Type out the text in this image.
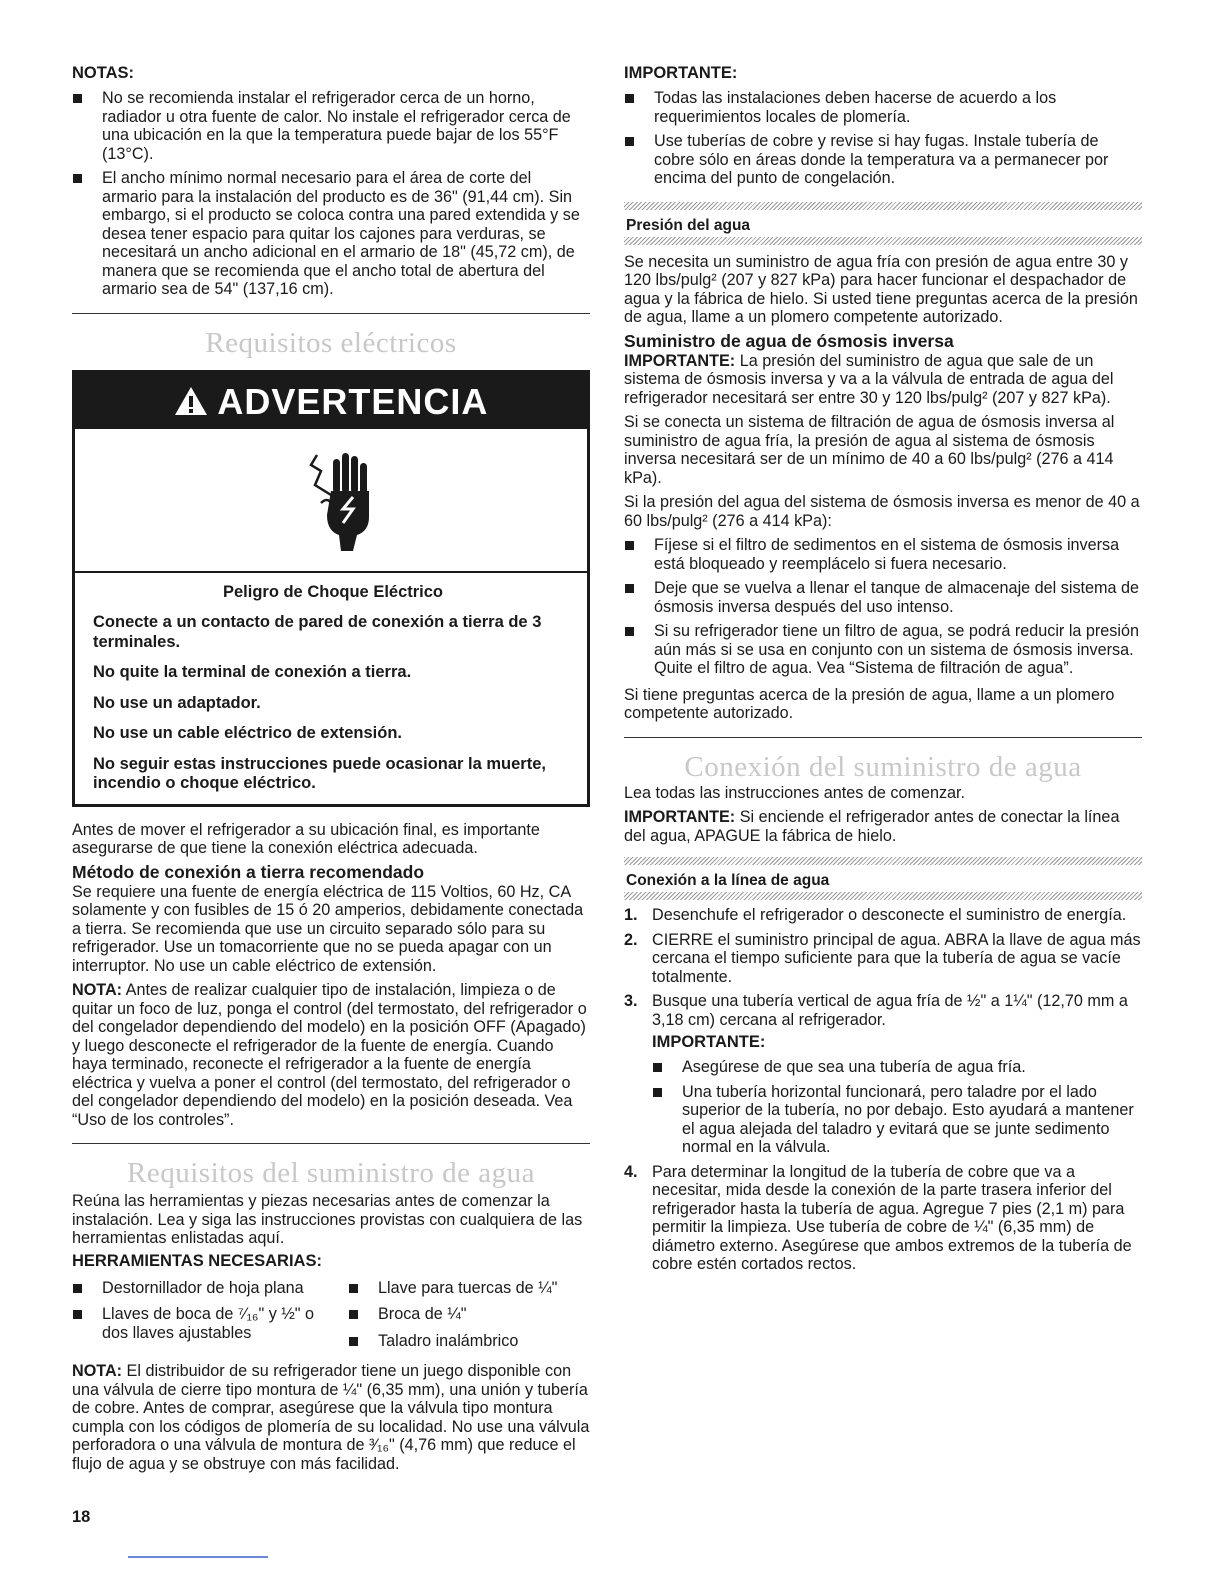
NOTAS:

No se recomienda instalar el refrigerador cerca de un horno, radiador u otra fuente de calor. No instale el refrigerador cerca de una ubicación en la que la temperatura puede bajar de los 55°F (13°C).
El ancho mínimo normal necesario para el área de corte del armario para la instalación del producto es de 36" (91,44 cm). Sin embargo, si el producto se coloca contra una pared extendida y se desea tener espacio para quitar los cajones para verduras, se necesitará un ancho adicional en el armario de 18" (45,72 cm), de manera que se recomienda que el ancho total de abertura del armario sea de 54" (137,16 cm).

Requisitos eléctricos

ADVERTENCIA

Peligro de Choque Eléctrico

Conecte a un contacto de pared de conexión a tierra de 3 terminales.

No quite la terminal de conexión a tierra.

No use un adaptador.

No use un cable eléctrico de extensión.

No seguir estas instrucciones puede ocasionar la muerte, incendio o choque eléctrico.

Antes de mover el refrigerador a su ubicación final, es importante asegurarse de que tiene la conexión eléctrica adecuada.

Método de conexión a tierra recomendado

Se requiere una fuente de energía eléctrica de 115 Voltios, 60 Hz, CA solamente y con fusibles de 15 ó 20 amperios, debidamente conectada a tierra. Se recomienda que use un circuito separado sólo para su refrigerador. Use un tomacorriente que no se pueda apagar con un interruptor. No use un cable eléctrico de extensión.

NOTA: Antes de realizar cualquier tipo de instalación, limpieza o de quitar un foco de luz, ponga el control (del termostato, del refrigerador o del congelador dependiendo del modelo) en la posición OFF (Apagado) y luego desconecte el refrigerador de la fuente de energía. Cuando haya terminado, reconecte el refrigerador a la fuente de energía eléctrica y vuelva a poner el control (del termostato, del refrigerador o del congelador dependiendo del modelo) en la posición deseada. Vea “Uso de los controles”.

Requisitos del suministro de agua

Reúna las herramientas y piezas necesarias antes de comenzar la instalación. Lea y siga las instrucciones provistas con cualquiera de las herramientas enlistadas aquí.

HERRAMIENTAS NECESARIAS:

Destornillador de hoja plana
Llaves de boca de ⁷⁄₁₆" y ½" o dos llaves ajustables
Llave para tuercas de ¼"
Broca de ¼"
Taladro inalámbrico

NOTA: El distribuidor de su refrigerador tiene un juego disponible con una válvula de cierre tipo montura de ¼" (6,35 mm), una unión y tubería de cobre. Antes de comprar, asegúrese que la válvula tipo montura cumpla con los códigos de plomería de su localidad. No use una válvula perforadora o una válvula de montura de ³⁄₁₆" (4,76 mm) que reduce el flujo de agua y se obstruye con más facilidad.

IMPORTANTE:

Todas las instalaciones deben hacerse de acuerdo a los requerimientos locales de plomería.
Use tuberías de cobre y revise si hay fugas. Instale tubería de cobre sólo en áreas donde la temperatura va a permanecer por encima del punto de congelación.

Presión del agua

Se necesita un suministro de agua fría con presión de agua entre 30 y 120 lbs/pulg² (207 y 827 kPa) para hacer funcionar el despachador de agua y la fábrica de hielo. Si usted tiene preguntas acerca de la presión de agua, llame a un plomero competente autorizado.

Suministro de agua de ósmosis inversa

IMPORTANTE: La presión del suministro de agua que sale de un sistema de ósmosis inversa y va a la válvula de entrada de agua del refrigerador necesitará ser entre 30 y 120 lbs/pulg² (207 y 827 kPa).

Si se conecta un sistema de filtración de agua de ósmosis inversa al suministro de agua fría, la presión de agua al sistema de ósmosis inversa necesitará ser de un mínimo de 40 a 60 lbs/pulg² (276 a 414 kPa).

Si la presión del agua del sistema de ósmosis inversa es menor de 40 a 60 lbs/pulg² (276 a 414 kPa):

Fíjese si el filtro de sedimentos en el sistema de ósmosis inversa está bloqueado y reemplácelo si fuera necesario.
Deje que se vuelva a llenar el tanque de almacenaje del sistema de ósmosis inversa después del uso intenso.
Si su refrigerador tiene un filtro de agua, se podrá reducir la presión aún más si se usa en conjunto con un sistema de ósmosis inversa. Quite el filtro de agua. Vea “Sistema de filtración de agua”.

Si tiene preguntas acerca de la presión de agua, llame a un plomero competente autorizado.

Conexión del suministro de agua

Lea todas las instrucciones antes de comenzar.

IMPORTANTE: Si enciende el refrigerador antes de conectar la línea del agua, APAGUE la fábrica de hielo.

Conexión a la línea de agua

1. Desenchufe el refrigerador o desconecte el suministro de energía.
2. CIERRE el suministro principal de agua. ABRA la llave de agua más cercana el tiempo suficiente para que la tubería de agua se vacíe totalmente.
3. Busque una tubería vertical de agua fría de ½" a 1¼" (12,70 mm a 3,18 cm) cercana al refrigerador.

IMPORTANTE:

Asegúrese de que sea una tubería de agua fría.
Una tubería horizontal funcionará, pero taladre por el lado superior de la tubería, no por debajo. Esto ayudará a mantener el agua alejada del taladro y evitará que se junte sedimento normal en la válvula.
4. Para determinar la longitud de la tubería de cobre que va a necesitar, mida desde la conexión de la parte trasera inferior del refrigerador hasta la tubería de agua. Agregue 7 pies (2,1 m) para permitir la limpieza. Use tubería de cobre de ¼" (6,35 mm) de diámetro externo. Asegúrese que ambos extremos de la tubería de cobre estén cortados rectos.
18
